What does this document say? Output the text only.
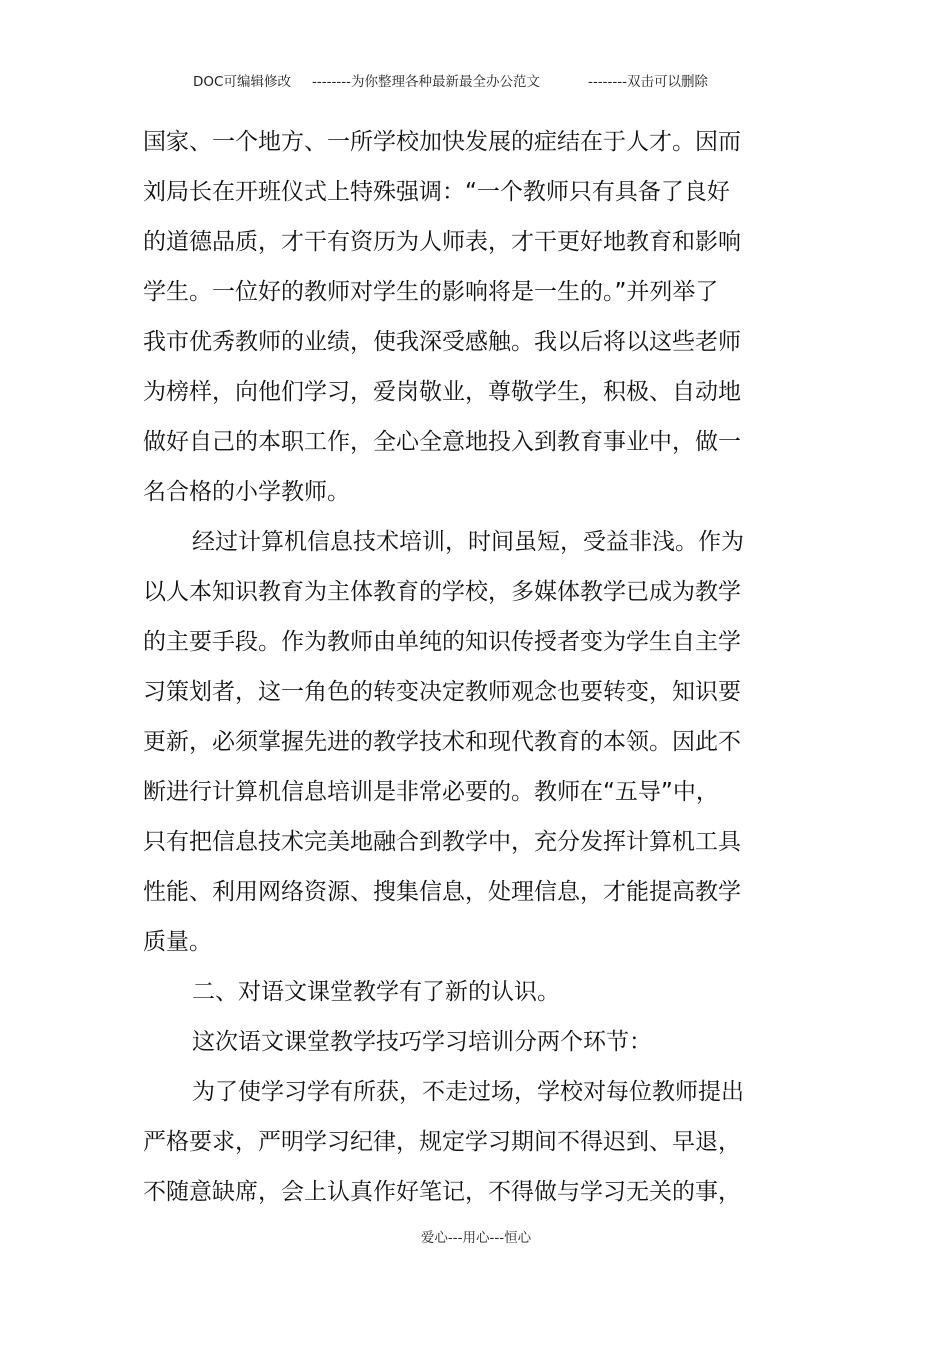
DOC可编辑修改 --------为你整理各种最新最全办公范文	--------双击可以删除
国家、一个地方、一所学校加快发展的症结在于人才。因而
刘局长在开班仪式上特殊强调：“一个教师只有具备了良好
的道德品质，才干有资历为人师表，才干更好地教育和影响
学生。一位好的教师对学生的影响将是一生的。”并列举了
我市优秀教师的业绩，使我深受感触。我以后将以这些老师
为榜样，向他们学习，爱岗敬业，尊敬学生，积极、自动地
做好自己的本职工作，全心全意地投入到教育事业中，做一
名合格的小学教师。
经过计算机信息技术培训，时间虽短，受益非浅。作为
以人本知识教育为主体教育的学校，多媒体教学已成为教学
的主要手段。作为教师由单纯的知识传授者变为学生自主学
习策划者，这一角色的转变决定教师观念也要转变，知识要
更新，必须掌握先进的教学技术和现代教育的本领。因此不
断进行计算机信息培训是非常必要的。教师在“五导”中，
只有把信息技术完美地融合到教学中，充分发挥计算机工具
性能、利用网络资源、搜集信息，处理信息，才能提高教学
质量。
二、对语文课堂教学有了新的认识。
这次语文课堂教学技巧学习培训分两个环节：
为了使学习学有所获，不走过场，学校对每位教师提出
严格要求，严明学习纪律，规定学习期间不得迟到、早退，
不随意缺席，会上认真作好笔记，不得做与学习无关的事，
爱心---用心---恒心
